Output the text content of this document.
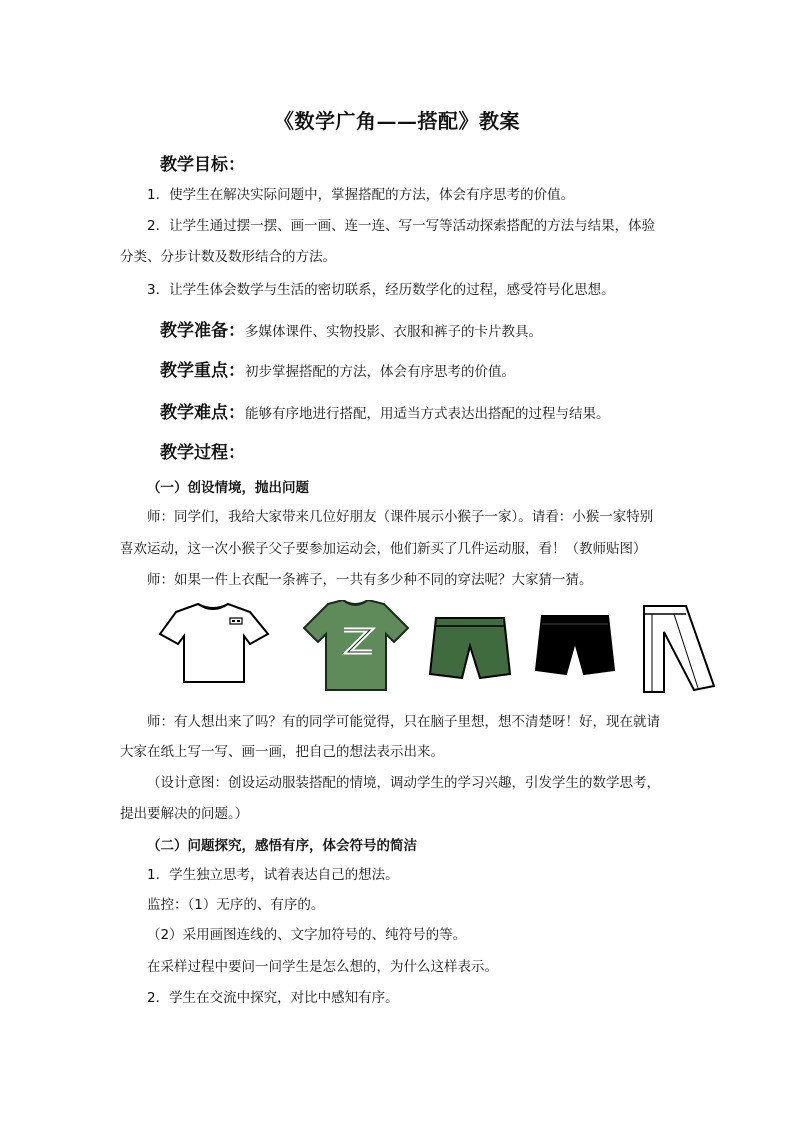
《数学广角——搭配》教案
教学目标：
1．使学生在解决实际问题中，掌握搭配的方法，体会有序思考的价值。
2．让学生通过摆一摆、画一画、连一连、写一写等活动探索搭配的方法与结果，体验
分类、分步计数及数形结合的方法。
3．让学生体会数学与生活的密切联系，经历数学化的过程，感受符号化思想。
教学准备：多媒体课件、实物投影、衣服和裤子的卡片教具。
教学重点：初步掌握搭配的方法，体会有序思考的价值。
教学难点：能够有序地进行搭配，用适当方式表达出搭配的过程与结果。
教学过程：
（一）创设情境，抛出问题
师：同学们，我给大家带来几位好朋友（课件展示小猴子一家）。请看：小猴一家特别
喜欢运动，这一次小猴子父子要参加运动会，他们新买了几件运动服，看！（教师贴图）
师：如果一件上衣配一条裤子，一共有多少种不同的穿法呢？大家猜一猜。
师：有人想出来了吗？有的同学可能觉得，只在脑子里想，想不清楚呀！好，现在就请
大家在纸上写一写、画一画，把自己的想法表示出来。
（设计意图：创设运动服装搭配的情境，调动学生的学习兴趣，引发学生的数学思考，
提出要解决的问题。）
（二）问题探究，感悟有序，体会符号的简洁
1．学生独立思考，试着表达自己的想法。
监控：（1）无序的、有序的。
（2）采用画图连线的、文字加符号的、纯符号的等。
在采样过程中要问一问学生是怎么想的，为什么这样表示。
2．学生在交流中探究，对比中感知有序。
